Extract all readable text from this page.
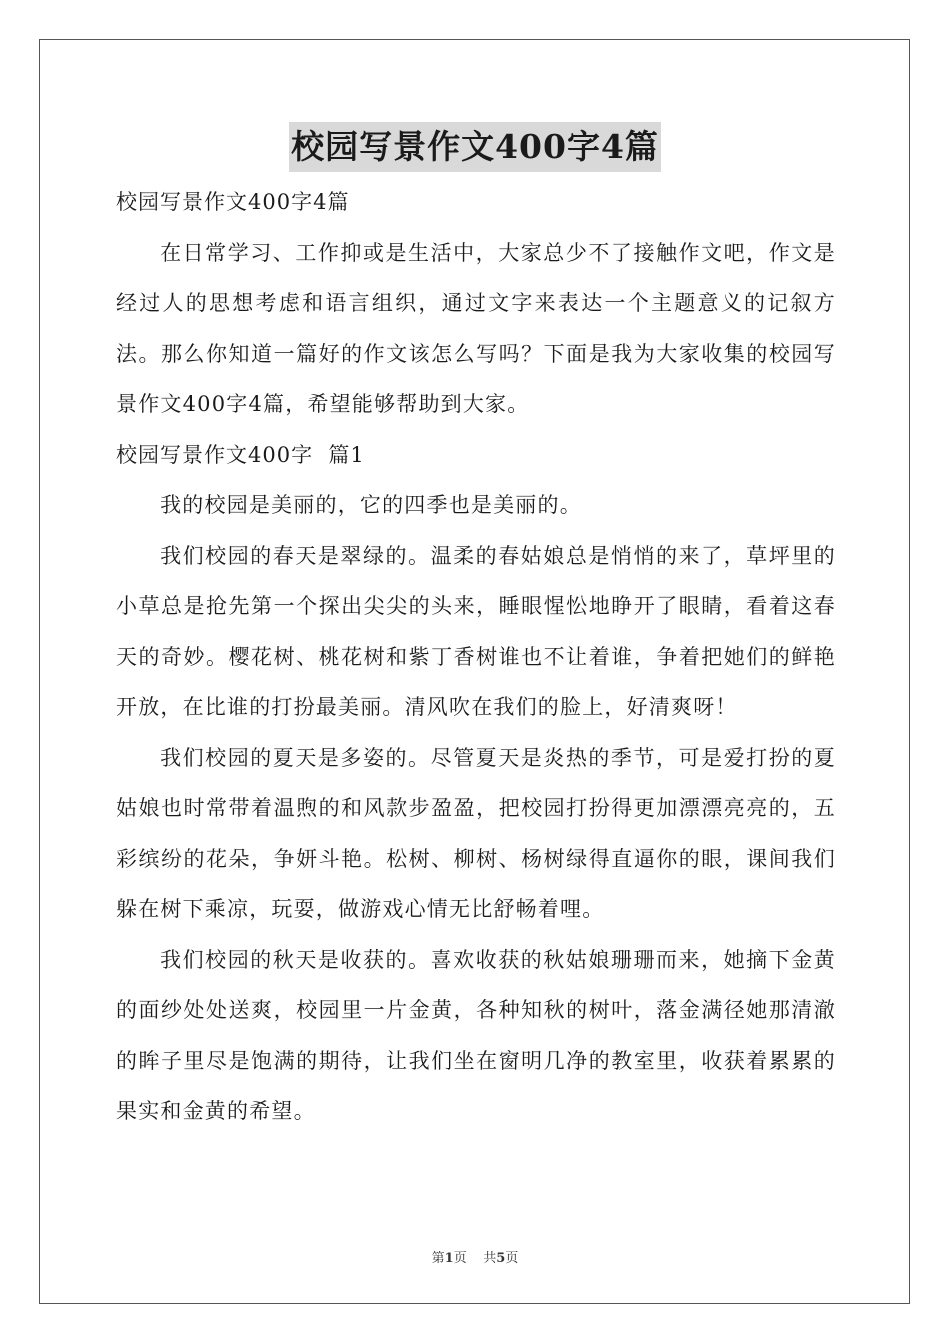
校园写景作文400字4篇

校园写景作文400字4篇

在日常学习、工作抑或是生活中，大家总少不了接触作文吧，作文是经过人的思想考虑和语言组织，通过文字来表达一个主题意义的记叙方法。那么你知道一篇好的作文该怎么写吗？下面是我为大家收集的校园写景作文400字4篇，希望能够帮助到大家。

校园写景作文400字  篇1

我的校园是美丽的，它的四季也是美丽的。

我们校园的春天是翠绿的。温柔的春姑娘总是悄悄的来了，草坪里的小草总是抢先第一个探出尖尖的头来，睡眼惺忪地睁开了眼睛，看着这春天的奇妙。樱花树、桃花树和紫丁香树谁也不让着谁，争着把她们的鲜艳开放，在比谁的打扮最美丽。清风吹在我们的脸上，好清爽呀！

我们校园的夏天是多姿的。尽管夏天是炎热的季节，可是爱打扮的夏姑娘也时常带着温煦的和风款步盈盈，把校园打扮得更加漂漂亮亮的，五彩缤纷的花朵，争妍斗艳。松树、柳树、杨树绿得直逼你的眼，课间我们躲在树下乘凉，玩耍，做游戏心情无比舒畅着哩。

我们校园的秋天是收获的。喜欢收获的秋姑娘珊珊而来，她摘下金黄的面纱处处送爽，校园里一片金黄，各种知秋的树叶，落金满径她那清澈的眸子里尽是饱满的期待，让我们坐在窗明几净的教室里，收获着累累的果实和金黄的希望。

第1页 共5页
